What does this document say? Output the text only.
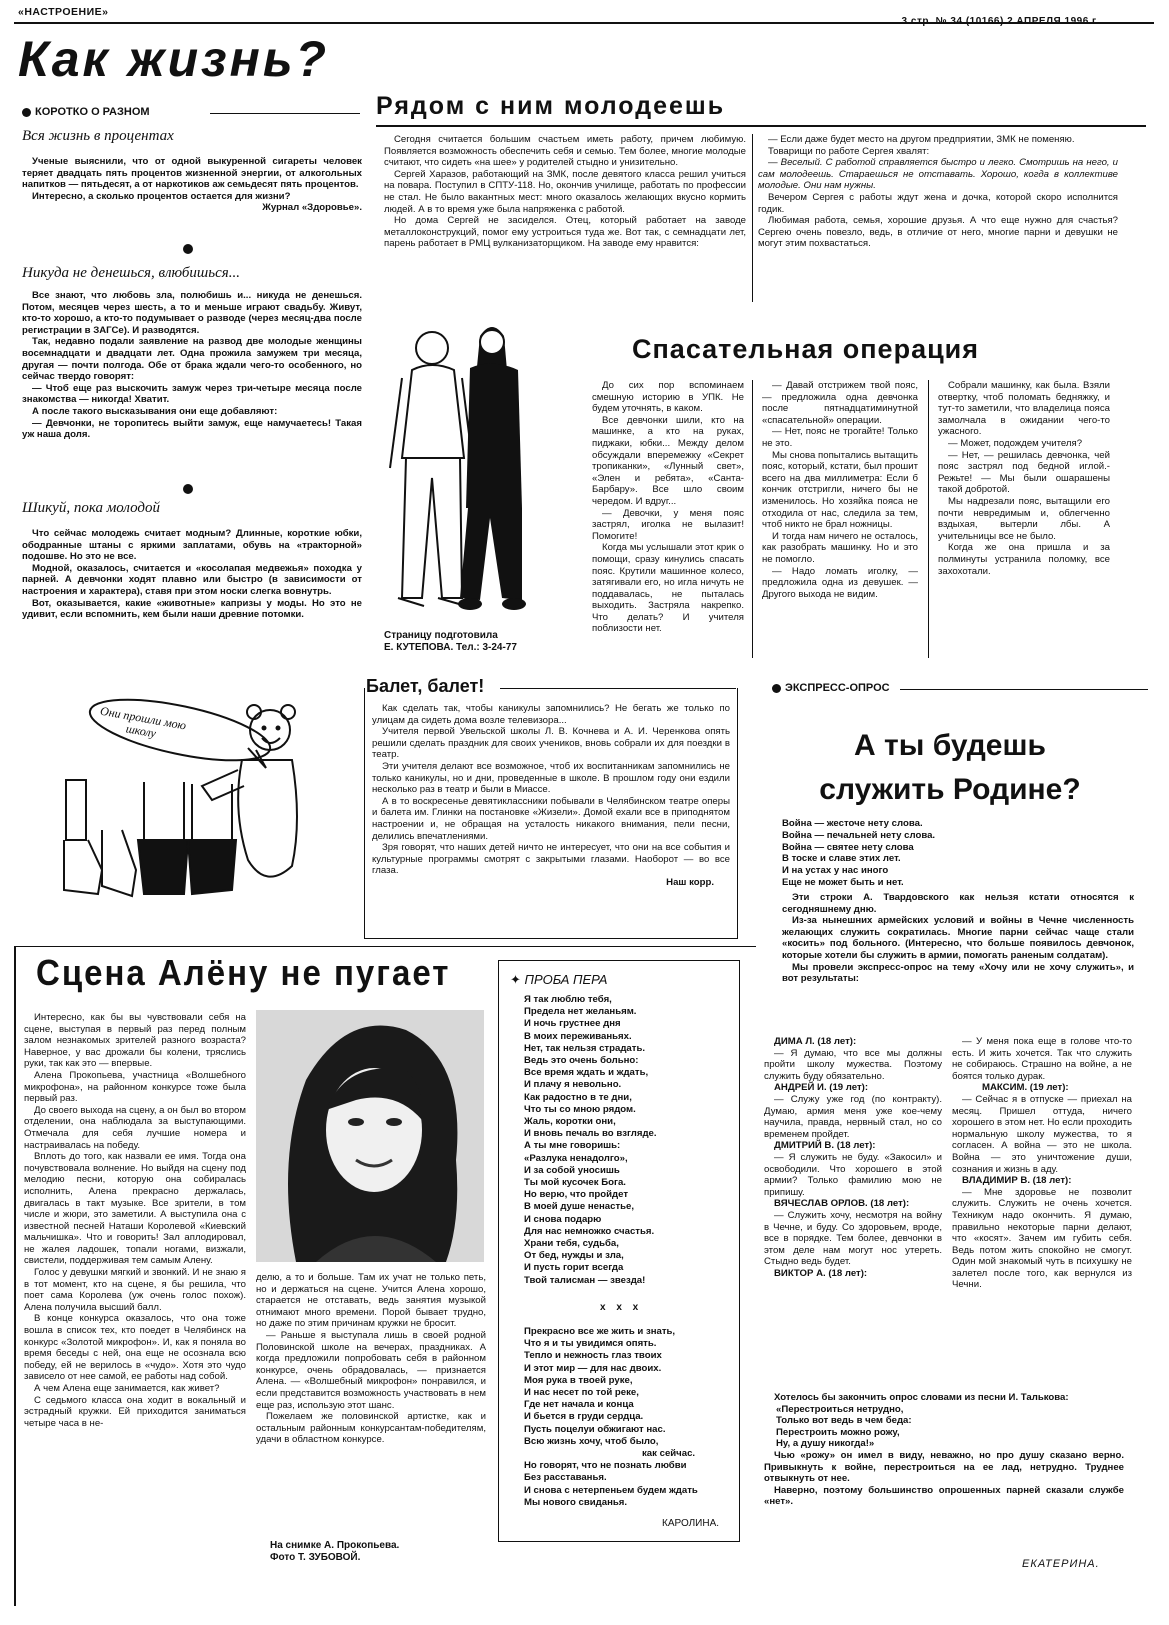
«НАСТРОЕНИЕ»
Как жизнь?
КОРОТКО О РАЗНОМ
Вся жизнь в процентах

Ученые выяснили, что от одной выкуренной сигареты человек теряет двадцать пять процентов жизненной энергии, от алкогольных напитков — пятьдесят, а от наркотиков аж семьдесят пять процентов.

Интересно, а сколько процентов остается для жизни?

Журнал «Здоровье».
Никуда не денешься, влюбишься...

Все знают, что любовь зла, полюбишь и... никуда не денешься. Потом, месяцев через шесть, а то и меньше играют свадьбу. Живут, кто-то хорошо, а кто-то подумывает о разводе (через месяц-два после регистрации в ЗАГСе). И разводятся.

Так, недавно подали заявление на развод две молодые женщины восемнадцати и двадцати лет. Одна прожила замужем три месяца, другая — почти полгода. Обе от брака ждали чего-то особенного, но сейчас твердо говорят:

— Чтоб еще раз выскочить замуж через три-четыре месяца после знакомства — никогда! Хватит.

А после такого высказывания они еще добавляют:

— Девчонки, не торопитесь выйти замуж, еще намучаетесь! Такая уж наша доля.

Шикуй, пока молодой

Что сейчас молодежь считает модным? Длинные, короткие юбки, ободранные штаны с яркими заплатами, обувь на «тракторной» подошве. Но это не все.

Модной, оказалось, считается и «косолапая медвежья» походка у парней. А девчонки ходят плавно или быстро (в зависимости от настроения и характера), ставя при этом носки слегка вовнутрь.

Вот, оказывается, какие «животные» капризы у моды. Но это не удивит, если вспомнить, кем были наши древние потомки.

Рядом с ним молодеешь

Сегодня считается большим счастьем иметь работу, причем любимую. Появляется возможность обеспечить себя и семью. Тем более, многие молодые считают, что сидеть «на шее» у родителей стыдно и унизительно.

Сергей Харазов, работающий на ЗМК, после девятого класса решил учиться на повара. Поступил в СПТУ-118. Но, окончив училище, работать по профессии не стал. Не было вакантных мест: много оказалось желающих вкусно кормить людей. А в то время уже была напряженка с работой.

Но дома Сергей не засиделся. Отец, который работает на заводе металлоконструкций, помог ему устроиться туда же. Вот так, с семнадцати лет, парень работает в РМЦ вулканизаторщиком. На заводе ему нравится:

— Если даже будет место на другом предприятии, ЗМК не поменяю.

Товарищи по работе Сергея хвалят:

— Веселый. С работой справляется быстро и легко. Смотришь на него, и сам молодеешь. Стараешься не отставать. Хорошо, когда в коллективе молодые. Они нам нужны.

Вечером Сергея с работы ждут жена и дочка, которой скоро исполнится годик.

Любимая работа, семья, хорошие друзья. А что еще нужно для счастья? Сергею очень повезло, ведь, в отличие от него, многие парни и девушки не могут этим похвастаться.

Страницу подготовила
Е. КУТЕПОВА. Тел.: 3-24-77
Спасательная операция

До сих пор вспоминаем смешную историю в УПК. Не будем уточнять, в каком.

Все девчонки шили, кто на машинке, а кто на руках, пиджаки, юбки... Между делом обсуждали вперемежку «Секрет тропиканки», «Лунный свет», «Элен и ребята», «Санта-Барбару». Все шло своим чередом. И вдруг...

— Девочки, у меня пояс застрял, иголка не вылазит! Помогите!

Когда мы услышали этот крик о помощи, сразу кинулись спасать пояс. Крутили машинное колесо, затягивали его, но игла ничуть не поддавалась, не пыталась выходить. Застряла накрепко. Что делать? И учителя поблизости нет.

— Давай отстрижем твой пояс, — предложила одна девчонка после пятнадцатиминутной «спасательной» операции.

— Нет, пояс не трогайте! Только не это.

Мы снова попытались вытащить пояс, который, кстати, был прошит всего на два миллиметра: Если б кончик отстригли, ничего бы не изменилось. Но хозяйка пояса не отходила от нас, следила за тем, чтоб никто не брал ножницы.

И тогда нам ничего не осталось, как разобрать машинку. Но и это не помогло.

— Надо ломать иголку, — предложила одна из девушек. — Другого выхода не видим.

Собрали машинку, как была. Взяли отвертку, чтоб поломать бедняжку, и тут-то заметили, что владелица пояса замолчала в ожидании чего-то ужасного.

— Может, подождем учителя?

— Нет, — решилась девчонка, чей пояс застрял под бедной иглой.-Режьте! — Мы были ошарашены такой добротой.

Мы надрезали пояс, вытащили его почти невредимым и, облегченно вздыхая, вытерли лбы. А учительницы все не было.

Когда же она пришла и за полминуты устранила поломку, все захохотали.

Они прошли мою школу
Балет, балет!

Как сделать так, чтобы каникулы запомнились? Не бегать же только по улицам да сидеть дома возле телевизора...

Учителя первой Увельской школы Л. В. Кочнева и А. И. Черенкова опять решили сделать праздник для своих учеников, вновь собрали их для поездки в театр.

Эти учителя делают все возможное, чтоб их воспитанникам запомнились не только каникулы, но и дни, проведенные в школе. В прошлом году они ездили несколько раз в театр и были в Миассе.

А в то воскресенье девятиклассники побывали в Челябинском театре оперы и балета им. Глинки на постановке «Жизели». Домой ехали все в приподнятом настроении и, не обращая на усталость никакого внимания, пели песни, делились впечатлениями.

Зря говорят, что наших детей ничто не интересует, что они на все события и культурные программы смотрят с закрытыми глазами. Наоборот — во все глаза.

Наш корр.
ЭКСПРЕСС-ОПРОС
А ты будешь
служить Родине?
Война — жесточе нету слова.
Война — печальней нету слова.
Война — святее нету слова
В тоске и славе этих лет.
И на устах у нас иного
Еще не может быть и нет.

Эти строки А. Твардовского как нельзя кстати относятся к сегодняшнему дню.

Из-за нынешних армейских условий и войны в Чечне численность желающих служить сократилась. Многие парни сейчас чаще стали «косить» под больного. (Интересно, что больше появилось девчонок, которые хотели бы служить в армии, помогать раненым солдатам).

Мы провели экспресс-опрос на тему «Хочу или не хочу служить», и вот результаты:

ДИМА Л. (18 лет):

— Я думаю, что все мы должны пройти школу мужества. Поэтому служить буду обязательно.

АНДРЕЙ И. (19 лет):

— Служу уже год (по контракту). Думаю, армия меня уже кое-чему научила, правда, нервный стал, но со временем пройдет.

ДМИТРИЙ В. (18 лет):

— Я служить не буду. «Закосил» и освободили. Что хорошего в этой армии? Только фамилию мою не припишу.

ВЯЧЕСЛАВ ОРЛОВ. (18 лет):

— Служить хочу, несмотря на войну в Чечне, и буду. Со здоровьем, вроде, все в порядке. Тем более, девчонки в этом деле нам могут нос утереть. Стыдно ведь будет.

ВИКТОР А. (18 лет):

— У меня пока еще в голове что-то есть. И жить хочется. Так что служить не собираюсь. Страшно на войне, а не боятся только дурак.

МАКСИМ. (19 лет):

— Сейчас я в отпуске — приехал на месяц. Пришел оттуда, ничего хорошего в этом нет. Но если проходить нормальную школу мужества, то я согласен. А война — это не школа. Война — это уничтожение души, сознания и жизнь в аду.

ВЛАДИМИР В. (18 лет):

— Мне здоровье не позволит служить. Служить не очень хочется. Техникум надо окончить. Я думаю, правильно некоторые парни делают, что «косят». Зачем им губить себя. Ведь потом жить спокойно не смогут. Один мой знакомый чуть в психушку не залетел после того, как вернулся из Чечни.

Хотелось бы закончить опрос словами из песни И. Талькова:

«Перестроиться нетрудно,
Только вот ведь в чем беда:
Перестроить можно рожу,
Ну, а душу никогда!»

Чью «рожу» он имел в виду, неважно, но про душу сказано верно. Привыкнуть к войне, перестроиться на ее лад, нетрудно. Труднее отвыкнуть от нее.

Наверно, поэтому большинство опрошенных парней сказали службе «нет».

ЕКАТЕРИНА.
Сцена Алёну не пугает

Интересно, как бы вы чувствовали себя на сцене, выступая в первый раз перед полным залом незнакомых зрителей разного возраста? Наверное, у вас дрожали бы колени, тряслись руки, так как это — впервые.

Алена Прокопьева, участница «Волшебного микрофона», на районном конкурсе тоже была первый раз.

До своего выхода на сцену, а он был во втором отделении, она наблюдала за выступающими. Отмечала для себя лучшие номера и настраивалась на победу.

Вплоть до того, как назвали ее имя. Тогда она почувствовала волнение. Но выйдя на сцену под мелодию песни, которую она собиралась исполнить, Алена прекрасно держалась, двигалась в такт музыке. Все зрители, в том числе и жюри, это заметили. А выступила она с известной песней Наташи Королевой «Киевский мальчишка». Что и говорить! Зал аплодировал, не жалея ладошек, топали ногами, визжали, свистели, поддерживая тем самым Алену.

Голос у девушки мягкий и звонкий. И не знаю я в тот момент, кто на сцене, я бы решила, что поет сама Королева (уж очень голос похож). Алена получила высший балл.

В конце конкурса оказалось, что она тоже вошла в список тех, кто поедет в Челябинск на конкурс «Золотой микрофон». И, как я поняла во время беседы с ней, она еще не осознала всю победу, ей не верилось в «чудо». Хотя это чудо зависело от нее самой, ее работы над собой.

А чем Алена еще занимается, как живет?

С седьмого класса она ходит в вокальный и эстрадный кружки. Ей приходится заниматься четыре часа в не-

делю, а то и больше. Там их учат не только петь, но и держаться на сцене. Учится Алена хорошо, старается не отставать, ведь занятия музыкой отнимают много времени. Порой бывает трудно, но даже по этим причинам кружки не бросит.

— Раньше я выступала лишь в своей родной Половинской школе на вечерах, праздниках. А когда предложили попробовать себя в районном конкурсе, очень обрадовалась, — признается Алена. — «Волшебный микрофон» понравился, и если представится возможность участвовать в нем еще раз, использую этот шанс.

Пожелаем же половинской артистке, как и остальным районным конкурсантам-победителям, удачи в областном конкурсе.

На снимке А. Прокопьева.
Фото Т. ЗУБОВОЙ.
✦ ПРОБА ПЕРА
Я так люблю тебя,
Предела нет желаньям.
И ночь грустнее дня
В моих переживаньях.
Нет, так нельзя страдать.
Ведь это очень больно:
Все время ждать и ждать,
И плачу я невольно.
Как радостно в те дни,
Что ты со мною рядом.
Жаль, коротки они,
И вновь печаль во взгляде.
А ты мне говоришь:
«Разлука ненадолго»,
И за собой уносишь
Ты мой кусочек Бога.
Но верю, что пройдет
В моей душе ненастье,
И снова подарю
Для нас немножко счастья.
Храни тебя, судьба,
От бед, нужды и зла,
И пусть горит всегда
Твой талисман — звезда!
х х х
Прекрасно все же жить и знать,
Что я и ты увидимся опять.
Тепло и нежность глаз твоих
И этот мир — для нас двоих.
Моя рука в твоей руке,
И нас несет по той реке,
Где нет начала и конца
И бьется в груди сердца.
Пусть поцелуи обжигают нас.
Всю жизнь хочу, чтоб было,
как сейчас.
Но говорят, что не познать любви
Без расставанья.
И снова с нетерпеньем будем ждать
Мы нового свиданья.
КАРОЛИНА.
